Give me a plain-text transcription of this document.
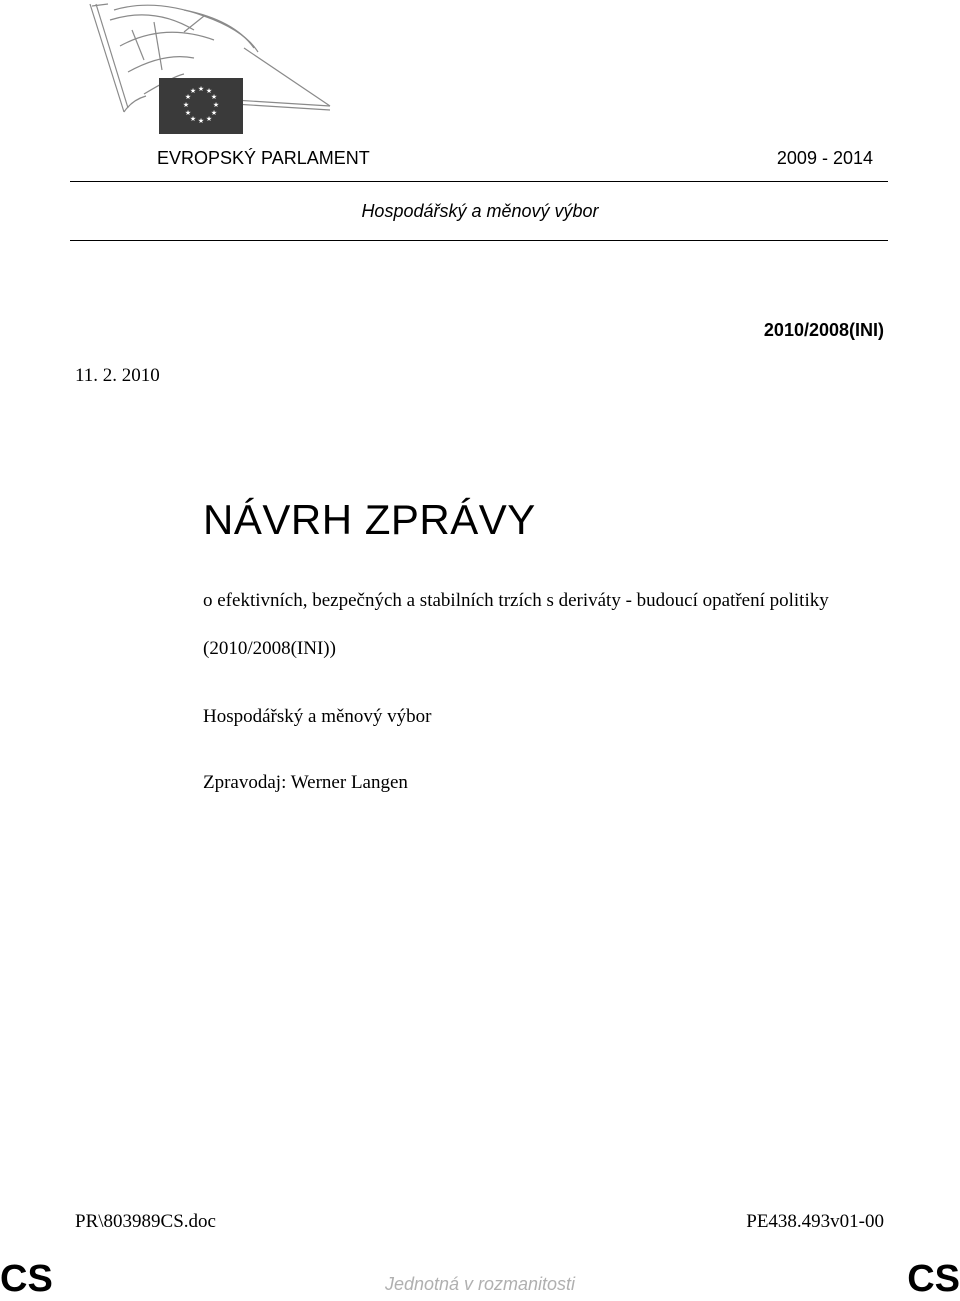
★ ★
★
★
★
★
★
★
★
★
★
★
EVROPSKÝ PARLAMENT	2009 - 2014
Hospodářský a měnový výbor
2010/2008(INI)
11. 2. 2010
NÁVRH ZPRÁVY
o efektivních, bezpečných a stabilních trzích s deriváty - budoucí opatření politiky
(2010/2008(INI))
Hospodářský a měnový výbor
Zpravodaj: Werner Langen
PR\803989CS.doc	PE438.493v01-00
CS	Jednotná v rozmanitosti	CS
